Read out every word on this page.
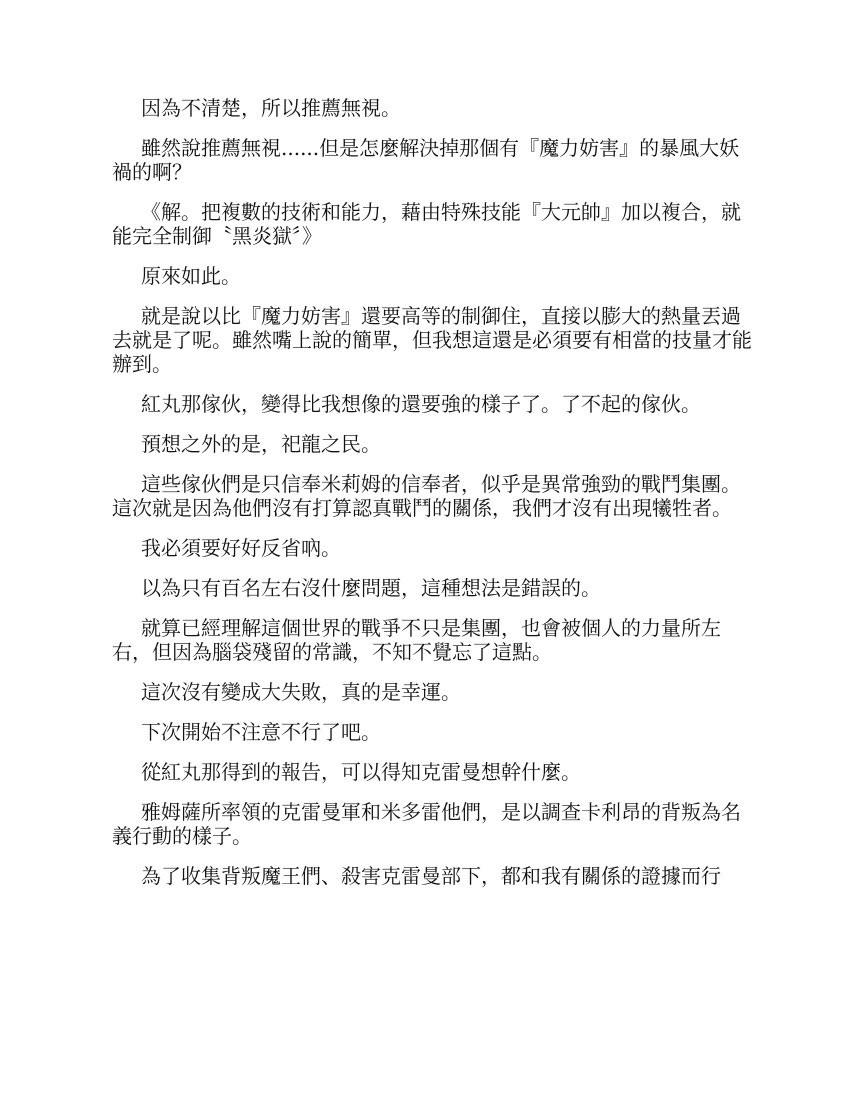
因為不清楚，所以推薦無視。

雖然說推薦無視......但是怎麼解決掉那個有『魔力妨害』的暴風大妖禍的啊？

《解。把複數的技術和能力，藉由特殊技能『大元帥』加以複合，就能完全制御〝黑炎獄〞》

原來如此。

就是說以比『魔力妨害』還要高等的制御住，直接以膨大的熱量丟過去就是了呢。雖然嘴上說的簡單，但我想這還是必須要有相當的技量才能辦到。

紅丸那傢伙，變得比我想像的還要強的樣子了。了不起的傢伙。

預想之外的是，祀龍之民。

這些傢伙們是只信奉米莉姆的信奉者，似乎是異常強勁的戰鬥集團。這次就是因為他們沒有打算認真戰鬥的關係，我們才沒有出現犧牲者。

我必須要好好反省吶。

以為只有百名左右沒什麼問題，這種想法是錯誤的。

就算已經理解這個世界的戰爭不只是集團，也會被個人的力量所左右，但因為腦袋殘留的常識，不知不覺忘了這點。

這次沒有變成大失敗，真的是幸運。

下次開始不注意不行了吧。

從紅丸那得到的報告，可以得知克雷曼想幹什麼。

雅姆薩所率領的克雷曼軍和米多雷他們，是以調查卡利昂的背叛為名義行動的樣子。

為了收集背叛魔王們、殺害克雷曼部下，都和我有關係的證據而行
